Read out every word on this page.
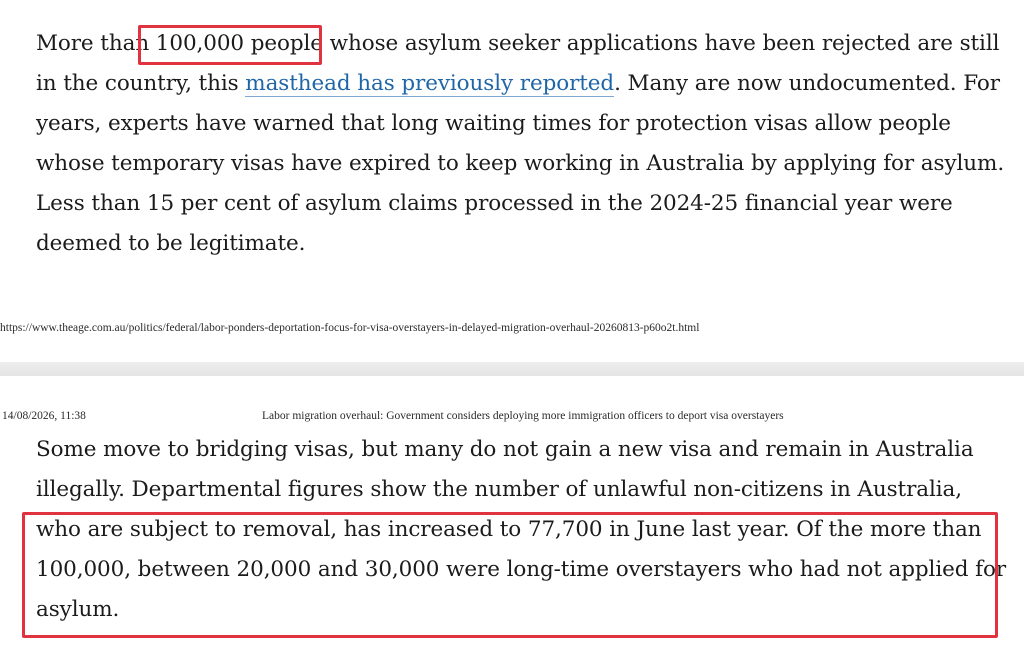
More than 100,000 people whose asylum seeker applications have been rejected are still in the country, this masthead has previously reported. Many are now undocumented. For years, experts have warned that long waiting times for protection visas allow people whose temporary visas have expired to keep working in Australia by applying for asylum. Less than 15 per cent of asylum claims processed in the 2024-25 financial year were deemed to be legitimate.

https://www.theage.com.au/politics/federal/labor-ponders-deportation-focus-for-visa-overstayers-in-delayed-migration-overhaul-20260813-p60o2t.html
14/08/2026, 11:38	Labor migration overhaul: Government considers deploying more immigration officers to deport visa overstayers

Some move to bridging visas, but many do not gain a new visa and remain in Australia illegally. Departmental figures show the number of unlawful non-citizens in Australia, who are subject to removal, has increased to 77,700 in June last year. Of the more than 100,000, between 20,000 and 30,000 were long-time overstayers who had not applied for asylum.
